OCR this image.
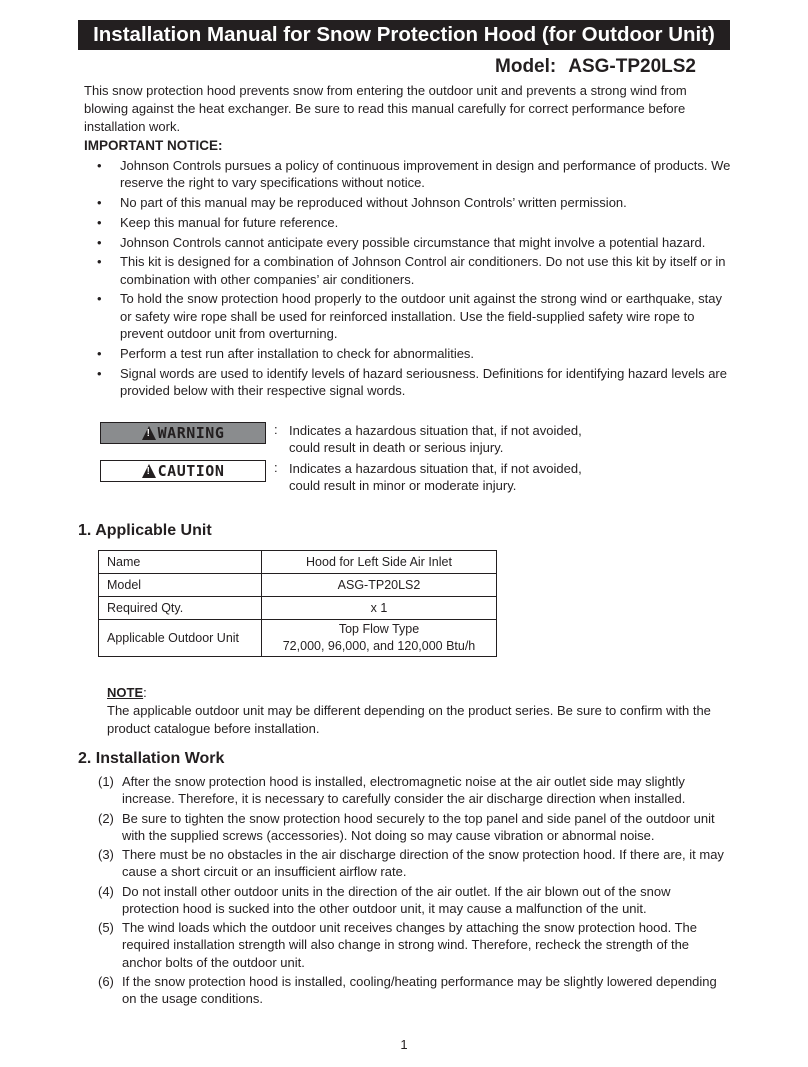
Installation Manual for Snow Protection Hood (for Outdoor Unit)
Model: ASG-TP20LS2
This snow protection hood prevents snow from entering the outdoor unit and prevents a strong wind from blowing against the heat exchanger. Be sure to read this manual carefully for correct performance before installation work.
IMPORTANT NOTICE:
• Johnson Controls pursues a policy of continuous improvement in design and performance of products. We reserve the right to vary specifications without notice.
• No part of this manual may be reproduced without Johnson Controls’ written permission.
• Keep this manual for future reference.
• Johnson Controls cannot anticipate every possible circumstance that might involve a potential hazard.
• This kit is designed for a combination of Johnson Control air conditioners. Do not use this kit by itself or in combination with other companies’ air conditioners.
• To hold the snow protection hood properly to the outdoor unit against the strong wind or earthquake, stay or safety wire rope shall be used for reinforced installation. Use the field-supplied safety wire rope to prevent outdoor unit from overturning.
• Perform a test run after installation to check for abnormalities.
• Signal words are used to identify levels of hazard seriousness. Definitions for identifying hazard levels are provided below with their respective signal words.
! WARNING	: Indicates a hazardous situation that, if not avoided,
could result in death or serious injury.
! CAUTION	: Indicates a hazardous situation that, if not avoided,
could result in minor or moderate injury.
1. Applicable Unit
Name	Hood for Left Side Air Inlet
Model	ASG-TP20LS2
Required Qty.	x 1
Applicable Outdoor Unit	Top Flow Type
72,000, 96,000, and 120,000 Btu/h
NOTE:
The applicable outdoor unit may be different depending on the product series. Be sure to confirm with the product catalogue before installation.
2. Installation Work
(1) After the snow protection hood is installed, electromagnetic noise at the air outlet side may slightly increase. Therefore, it is necessary to carefully consider the air discharge direction when installed.
(2) Be sure to tighten the snow protection hood securely to the top panel and side panel of the outdoor unit with the supplied screws (accessories). Not doing so may cause vibration or abnormal noise.
(3) There must be no obstacles in the air discharge direction of the snow protection hood. If there are, it may cause a short circuit or an insufficient airflow rate.
(4) Do not install other outdoor units in the direction of the air outlet. If the air blown out of the snow protection hood is sucked into the other outdoor unit, it may cause a malfunction of the unit.
(5) The wind loads which the outdoor unit receives changes by attaching the snow protection hood. The required installation strength will also change in strong wind. Therefore, recheck the strength of the anchor bolts of the outdoor unit.
(6) If the snow protection hood is installed, cooling/heating performance may be slightly lowered depending on the usage conditions.
1
